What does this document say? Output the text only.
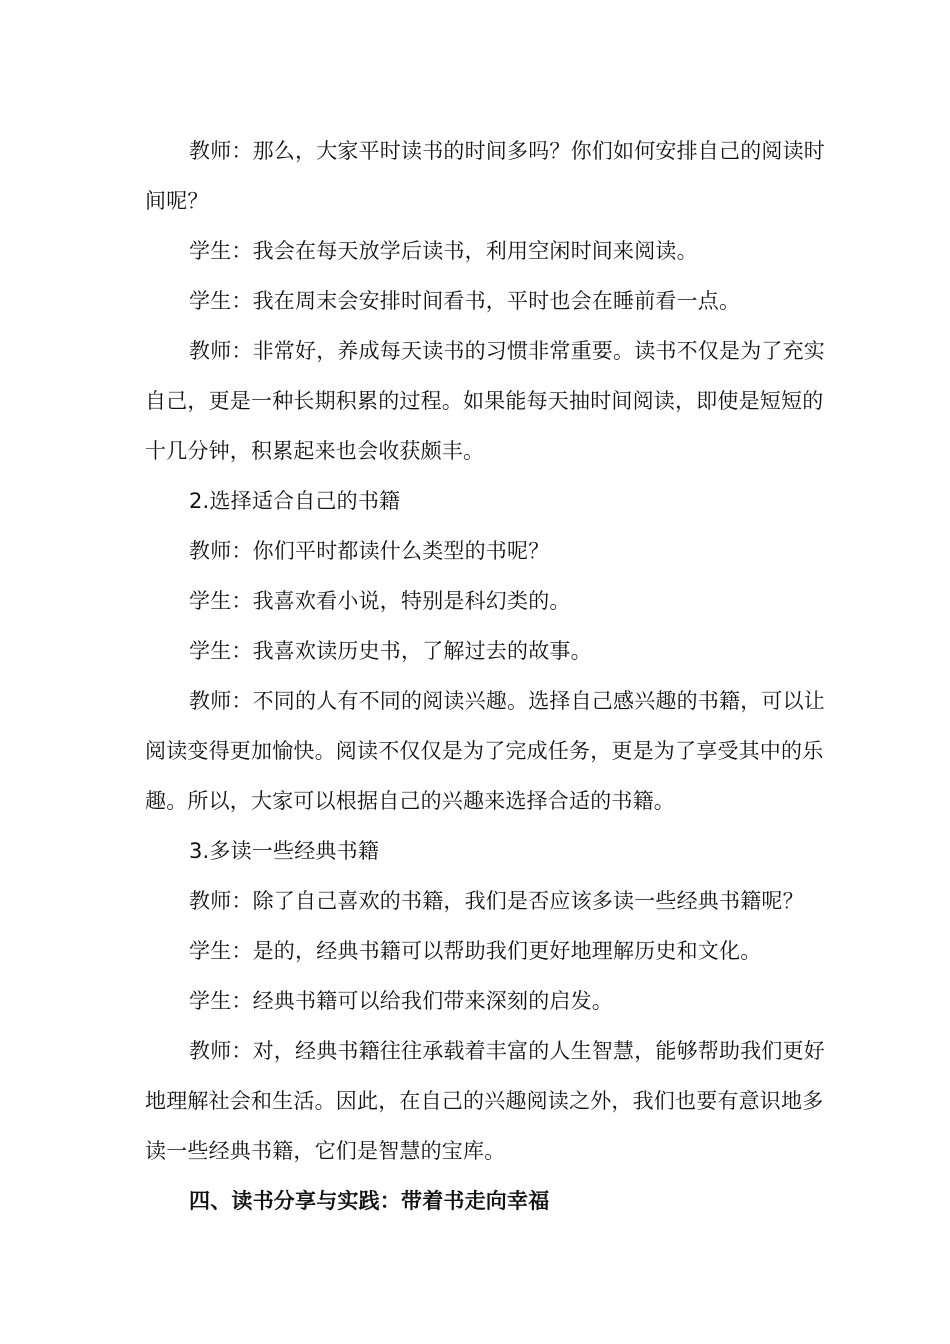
教师：那么，大家平时读书的时间多吗？你们如何安排自己的阅读时间呢？

学生：我会在每天放学后读书，利用空闲时间来阅读。

学生：我在周末会安排时间看书，平时也会在睡前看一点。

教师：非常好，养成每天读书的习惯非常重要。读书不仅是为了充实自己，更是一种长期积累的过程。如果能每天抽时间阅读，即使是短短的十几分钟，积累起来也会收获颇丰。

2.选择适合自己的书籍

教师：你们平时都读什么类型的书呢？

学生：我喜欢看小说，特别是科幻类的。

学生：我喜欢读历史书，了解过去的故事。

教师：不同的人有不同的阅读兴趣。选择自己感兴趣的书籍，可以让阅读变得更加愉快。阅读不仅仅是为了完成任务，更是为了享受其中的乐趣。所以，大家可以根据自己的兴趣来选择合适的书籍。

3.多读一些经典书籍

教师：除了自己喜欢的书籍，我们是否应该多读一些经典书籍呢？

学生：是的，经典书籍可以帮助我们更好地理解历史和文化。

学生：经典书籍可以给我们带来深刻的启发。

教师：对，经典书籍往往承载着丰富的人生智慧，能够帮助我们更好地理解社会和生活。因此，在自己的兴趣阅读之外，我们也要有意识地多读一些经典书籍，它们是智慧的宝库。

四、读书分享与实践：带着书走向幸福
